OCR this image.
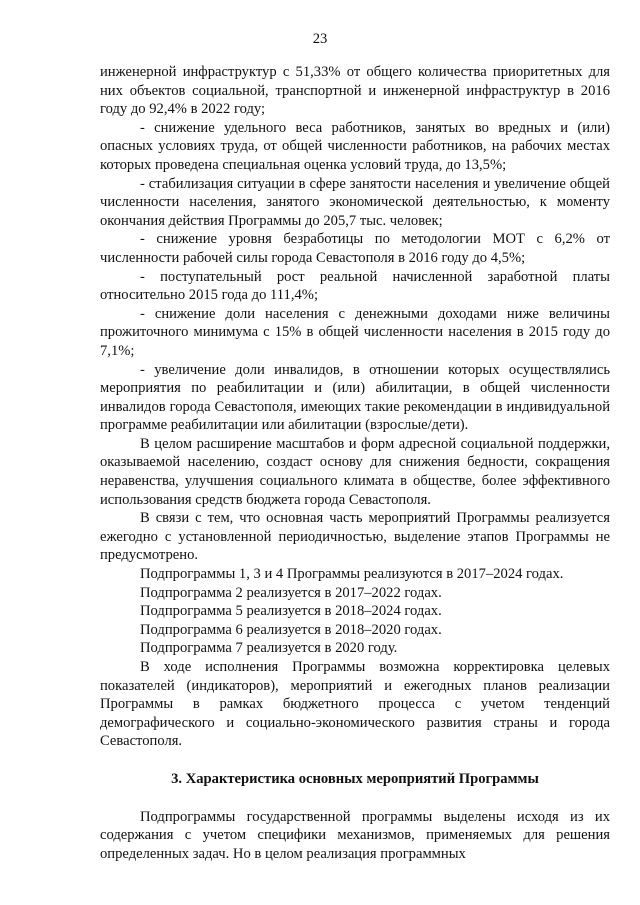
23

инженерной инфраструктур с 51,33% от общего количества приоритетных для них объектов социальной, транспортной и инженерной инфраструктур в 2016 году до 92,4% в 2022 году;

- снижение удельного веса работников, занятых во вредных и (или) опасных условиях труда, от общей численности работников, на рабочих местах которых проведена специальная оценка условий труда, до 13,5%;

- стабилизация ситуации в сфере занятости населения и увеличение общей численности населения, занятого экономической деятельностью, к моменту окончания действия Программы до 205,7 тыс. человек;

- снижение уровня безработицы по методологии МОТ с 6,2% от численности рабочей силы города Севастополя в 2016 году до 4,5%;

- поступательный рост реальной начисленной заработной платы относительно 2015 года до 111,4%;

- снижение доли населения с денежными доходами ниже величины прожиточного минимума с 15% в общей численности населения в 2015 году до 7,1%;

- увеличение доли инвалидов, в отношении которых осуществлялись мероприятия по реабилитации и (или) абилитации, в общей численности инвалидов города Севастополя, имеющих такие рекомендации в индивидуальной программе реабилитации или абилитации (взрослые/дети).

В целом расширение масштабов и форм адресной социальной поддержки, оказываемой населению, создаст основу для снижения бедности, сокращения неравенства, улучшения социального климата в обществе, более эффективного использования средств бюджета города Севастополя.

В связи с тем, что основная часть мероприятий Программы реализуется ежегодно с установленной периодичностью, выделение этапов Программы не предусмотрено.

Подпрограммы 1, 3 и 4 Программы реализуются в 2017–2024 годах.

Подпрограмма 2 реализуется в 2017–2022 годах.

Подпрограмма 5 реализуется в 2018–2024 годах.

Подпрограмма 6 реализуется в 2018–2020 годах.

Подпрограмма 7 реализуется в 2020 году.

В ходе исполнения Программы возможна корректировка целевых показателей (индикаторов), мероприятий и ежегодных планов реализации Программы в рамках бюджетного процесса с учетом тенденций демографического и социально-экономического развития страны и города Севастополя.

3. Характеристика основных мероприятий Программы

Подпрограммы государственной программы выделены исходя из их содержания с учетом специфики механизмов, применяемых для решения определенных задач. Но в целом реализация программных
